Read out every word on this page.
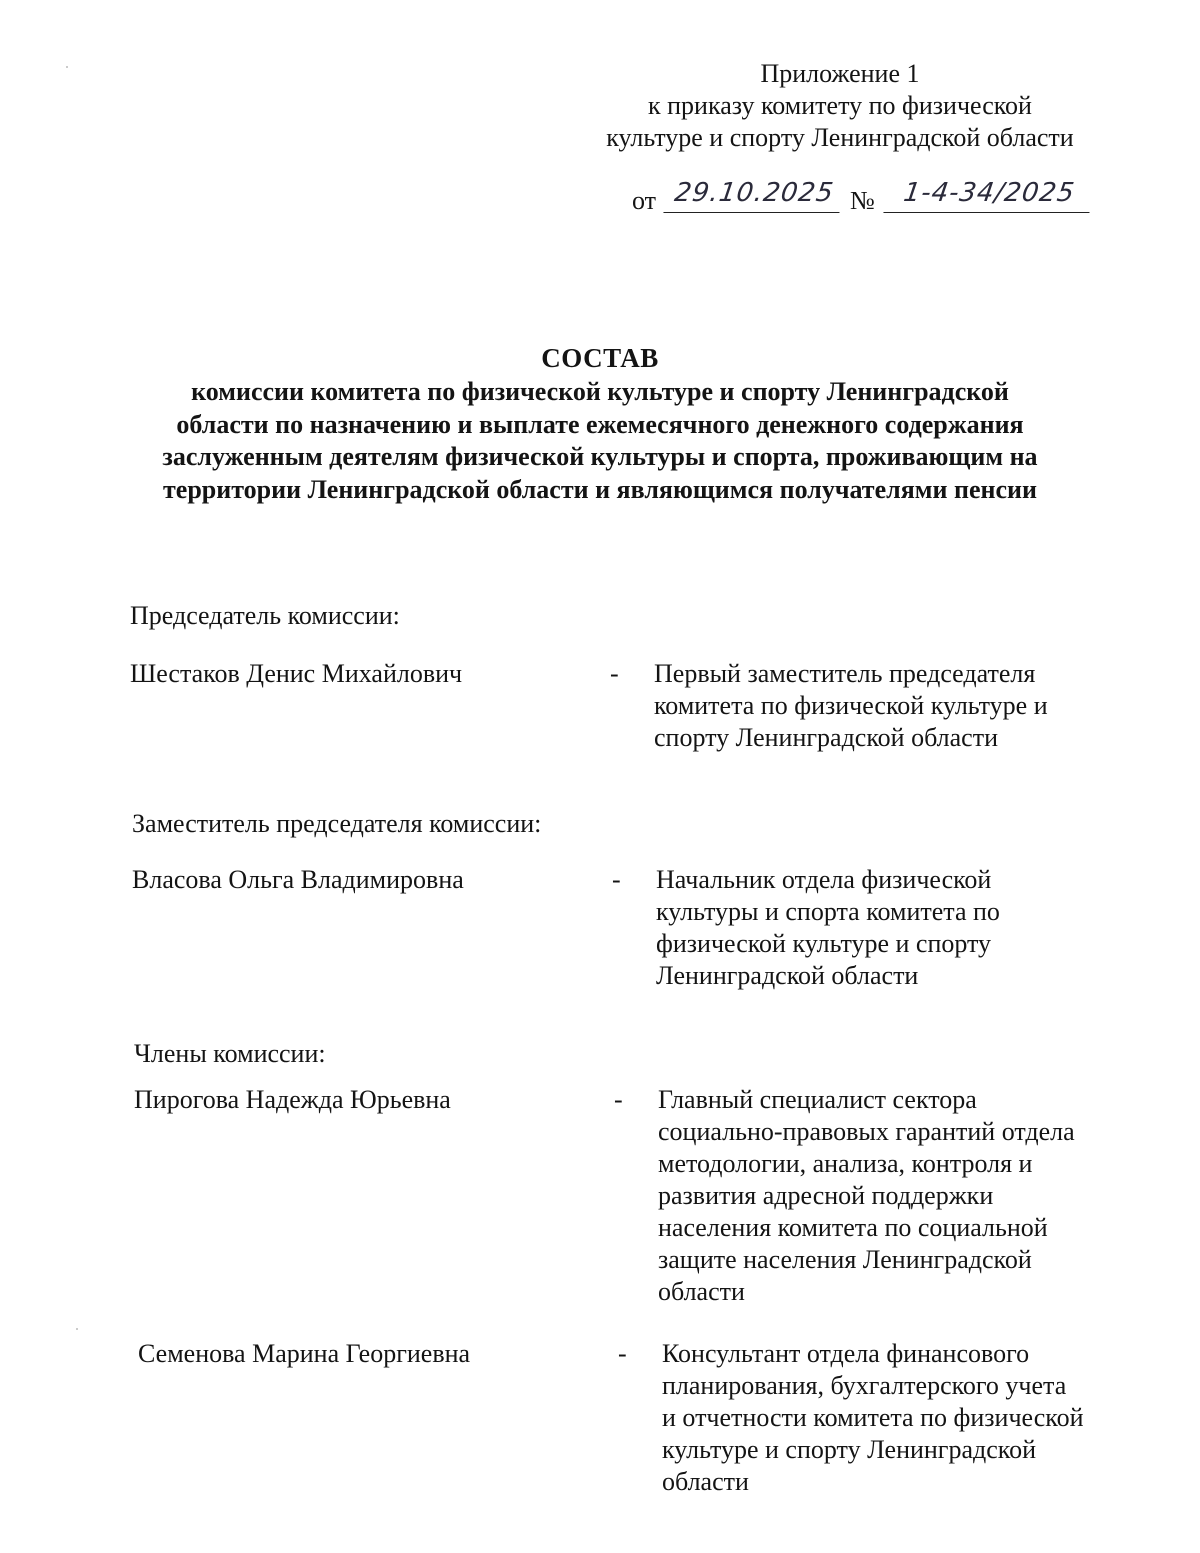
Приложение 1
к приказу комитету по физической
культуре и спорту Ленинградской области
от 29.10.2025 №	1-4-34/2025
СОСТАВ
комиссии комитета по физической культуре и спорту Ленинградской
области по назначению и выплате ежемесячного денежного содержания
заслуженным деятелям физической культуры и спорта, проживающим на
территории Ленинградской области и являющимся получателями пенсии
Председатель комиссии:
Шестаков Денис Михайлович	- Первый заместитель председателя
комитета по физической культуре и
спорту Ленинградской области
Заместитель председателя комиссии:
Власова Ольга Владимировна	- Начальник отдела физической
культуры и спорта комитета по
физической культуре и спорту
Ленинградской области
Члены комиссии:
Пирогова Надежда Юрьевна	- Главный специалист сектора
социально-правовых гарантий отдела
методологии, анализа, контроля и
развития адресной поддержки
населения комитета по социальной
защите населения Ленинградской
области
Семенова Марина Георгиевна	- Консультант отдела финансового
планирования, бухгалтерского учета
и отчетности комитета по физической
культуре и спорту Ленинградской
области
